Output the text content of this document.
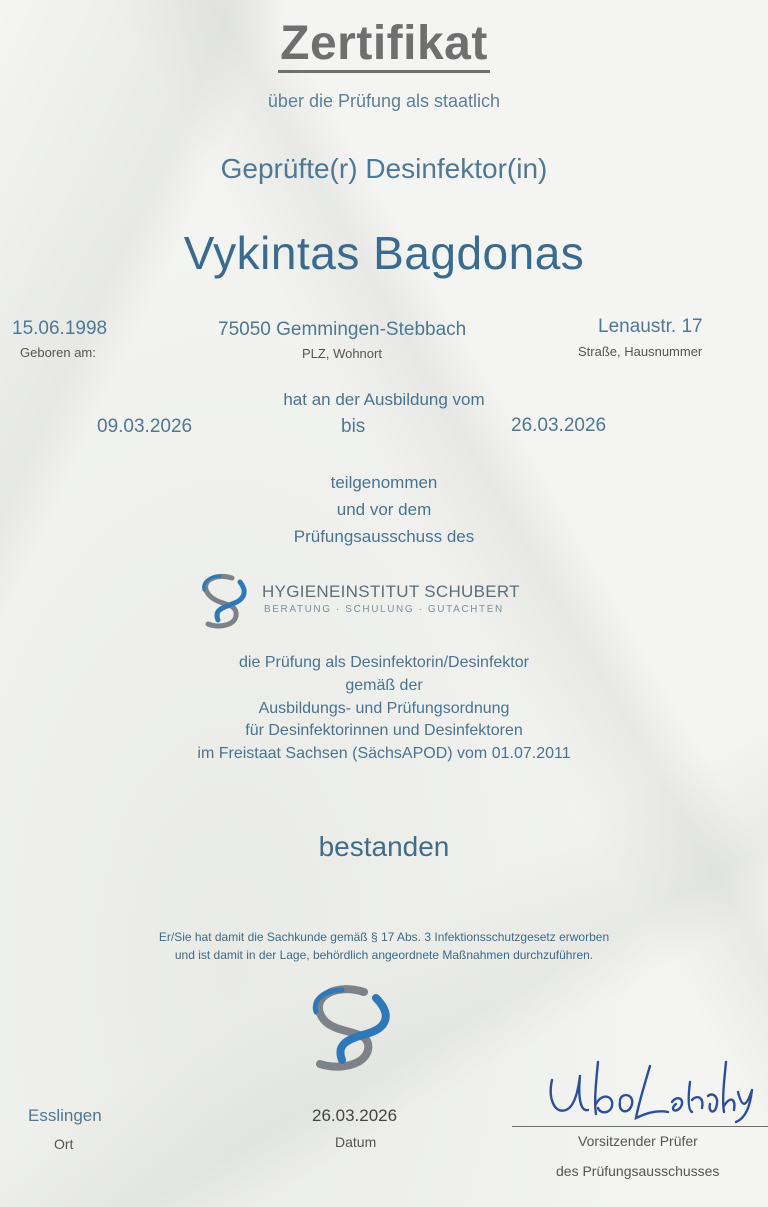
Zertifikat
über die Prüfung als staatlich
Geprüfte(r) Desinfektor(in)
Vykintas Bagdonas
15.06.1998
Geboren am:
75050 Gemmingen-Stebbach
PLZ, Wohnort
Lenaustr. 17
Straße, Hausnummer
hat an der Ausbildung vom
09.03.2026	bis	26.03.2026
teilgenommen
und vor dem
Prüfungsausschuss des
HYGIENEINSTITUT SCHUBERT
BERATUNG · SCHULUNG · GUTACHTEN
die Prüfung als Desinfektorin/Desinfektor
gemäß der
Ausbildungs- und Prüfungsordnung
für Desinfektorinnen und Desinfektoren
im Freistaat Sachsen (SächsAPOD) vom 01.07.2011
bestanden
Er/Sie hat damit die Sachkunde gemäß § 17 Abs. 3 Infektionsschutzgesetz erworben
und ist damit in der Lage, behördlich angeordnete Maßnahmen durchzuführen.
Esslingen
Ort
26.03.2026
Datum	Vorsitzender Prüfer
des Prüfungsausschusses
